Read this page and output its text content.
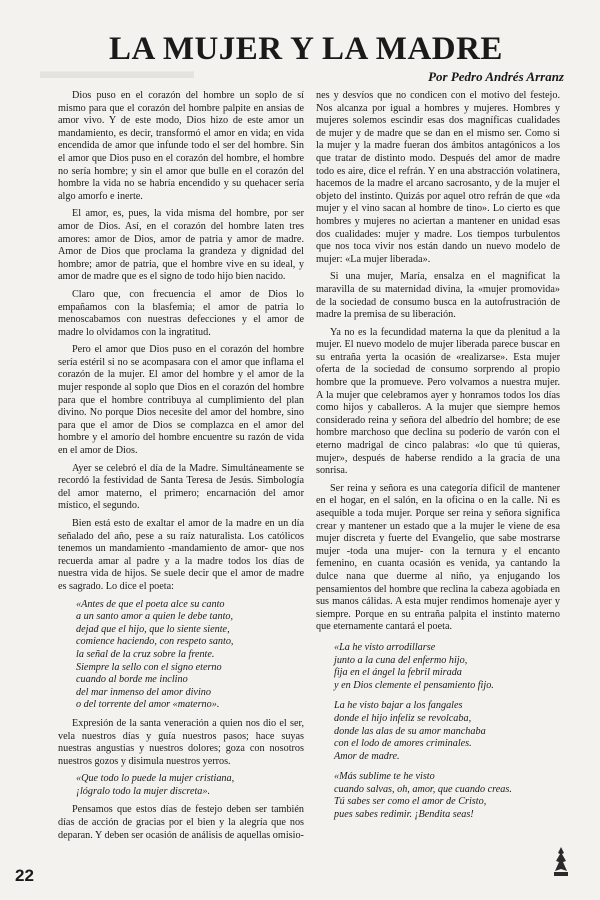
▬▬▬▬▬▬▬
LA MUJER Y LA MADRE
Por Pedro Andrés Arranz

Dios puso en el corazón del hombre un soplo de sí mismo para que el corazón del hombre palpite en ansias de amor vivo. Y de este modo, Dios hizo de este amor un mandamiento, es decir, transformó el amor en vida; en vida encendida de amor que infunde todo el ser del hombre. Sin el amor que Dios puso en el corazón del hombre, el hombre no sería hombre; y sin el amor que bulle en el corazón del hombre la vida no se habría encendido y su quehacer sería algo amorfo e inerte.

El amor, es, pues, la vida misma del hombre, por ser amor de Dios. Así, en el corazón del hombre laten tres amores: amor de Dios, amor de patria y amor de madre. Amor de Dios que proclama la grandeza y dignidad del hombre; amor de patria, que el hombre vive en su ideal, y amor de madre que es el signo de todo hijo bien nacido.

Claro que, con frecuencia el amor de Dios lo empañamos con la blasfemia; el amor de patria lo menoscabamos con nuestras defecciones y el amor de madre lo olvidamos con la ingratitud.

Pero el amor que Dios puso en el corazón del hombre sería estéril si no se acompasara con el amor que inflama el corazón de la mujer. El amor del hombre y el amor de la mujer responde al soplo que Dios en el corazón del hombre para que el hombre contribuya al cumplimiento del plan divino. No porque Dios necesite del amor del hombre, sino para que el amor de Dios se complazca en el amor del hombre y el amorío del hombre encuentre su razón de vida en el amor de Dios.

Ayer se celebró el día de la Madre. Simultáneamente se recordó la festividad de Santa Teresa de Jesús. Simbología del amor materno, el primero; encarnación del amor místico, el segundo.

Bien está esto de exaltar el amor de la madre en un día señalado del año, pese a su raíz naturalista. Los católicos tenemos un mandamiento -mandamiento de amor- que nos recuerda amar al padre y a la madre todos los días de nuestra vida de hijos. Se suele decir que el amor de madre es sagrado. Lo dice el poeta:

«Antes de que el poeta alce su canto
a un santo amor a quien le debe tanto,
dejad que el hijo, que lo siente siente,
comience haciendo, con respeto santo,
la señal de la cruz sobre la frente.
Siempre la sello con el signo eterno
cuando al borde me inclino
del mar inmenso del amor divino
o del torrente del amor «materno».

Expresión de la santa veneración a quien nos dio el ser, vela nuestros días y guía nuestros pasos; hace suyas nuestras angustias y nuestros dolores; goza con nosotros nuestros gozos y disimula nuestros yerros.

«Que todo lo puede la mujer cristiana,
¡lógralo todo la mujer discreta».

Pensamos que estos días de festejo deben ser también días de acción de gracias por el bien y la alegría que nos deparan. Y deben ser ocasión de análisis de aquellas omisio-

nes y desvíos que no condicen con el motivo del festejo. Nos alcanza por igual a hombres y mujeres. Hombres y mujeres solemos escindir esas dos magníficas cualidades de mujer y de madre que se dan en el mismo ser. Como si la mujer y la madre fueran dos ámbitos antagónicos a los que tratar de distinto modo. Después del amor de madre todo es aire, dice el refrán. Y en una abstracción volatinera, hacemos de la madre el arcano sacrosanto, y de la mujer el objeto del instinto. Quizás por aquel otro refrán de que «da mujer y el vino sacan al hombre de tino». Lo cierto es que hombres y mujeres no aciertan a mantener en unidad esas dos cualidades: mujer y madre. Los tiempos turbulentos que nos toca vivir nos están dando un nuevo modelo de mujer: «La mujer liberada».

Si una mujer, María, ensalza en el magnificat la maravilla de su maternidad divina, la «mujer promovida» de la sociedad de consumo busca en la autofrustración de madre la premisa de su liberación.

Ya no es la fecundidad materna la que da plenitud a la mujer. El nuevo modelo de mujer liberada parece buscar en su entraña yerta la ocasión de «realizarse». Esta mujer oferta de la sociedad de consumo sorprendo al propio hombre que la promueve. Pero volvamos a nuestra mujer. A la mujer que celebramos ayer y honramos todos los días como hijos y caballeros. A la mujer que siempre hemos considerado reina y señora del albedrío del hombre; de ese hombre marchoso que declina su poderío de varón con el eterno madrigal de cinco palabras: «lo que tú quieras, mujer», después de haberse rendido a la gracia de una sonrisa.

Ser reina y señora es una categoría difícil de mantener en el hogar, en el salón, en la oficina o en la calle. Ni es asequible a toda mujer. Porque ser reina y señora significa crear y mantener un estado que a la mujer le viene de esa mujer discreta y fuerte del Evangelio, que sabe mostrarse mujer -toda una mujer- con la ternura y el encanto femenino, en cuanta ocasión es venida, ya cantando la dulce nana que duerme al niño, ya enjugando los pensamientos del hombre que reclina la cabeza agobiada en sus manos cálidas. A esta mujer rendimos homenaje ayer y siempre. Porque en su entraña palpita el instinto materno que eternamente cantará el poeta.

«La he visto arrodillarse
junto a la cuna del enfermo hijo,
fija en el ángel la febril mirada
y en Dios clemente el pensamiento fijo.
La he visto bajar a los fangales
donde el hijo infeliz se revolcaba,
donde las alas de su amor manchaba
con el lodo de amores criminales.
Amor de madre.
«Más sublime te he visto
cuando salvas, oh, amor, que cuando creas.
Tú sabes ser como el amor de Cristo,
pues sabes redimir. ¡Bendita seas!
22
